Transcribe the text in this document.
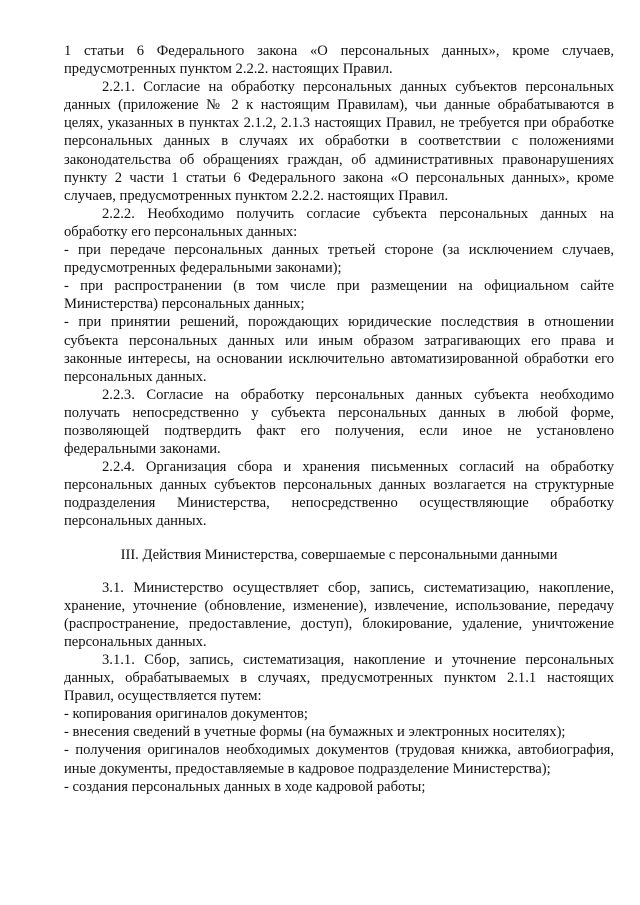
1 статьи 6 Федерального закона «О персональных данных», кроме случаев, предусмотренных пунктом 2.2.2. настоящих Правил.

2.2.1. Согласие на обработку персональных данных субъектов персональных данных (приложение № 2 к настоящим Правилам), чьи данные обрабатываются в целях, указанных в пунктах 2.1.2, 2.1.3 настоящих Правил, не требуется при обработке персональных данных в случаях их обработки в соответствии с положениями законодательства об обращениях граждан, об административных правонарушениях пункту 2 части 1 статьи 6 Федерального закона «О персональных данных», кроме случаев, предусмотренных пунктом 2.2.2. настоящих Правил.

2.2.2. Необходимо получить согласие субъекта персональных данных на обработку его персональных данных:

- при передаче персональных данных третьей стороне (за исключением случаев, предусмотренных федеральными законами);

- при распространении (в том числе при размещении на официальном сайте Министерства) персональных данных;

- при принятии решений, порождающих юридические последствия в отношении субъекта персональных данных или иным образом затрагивающих его права и законные интересы, на основании исключительно автоматизированной обработки его персональных данных.

2.2.3. Согласие на обработку персональных данных субъекта необходимо получать непосредственно у субъекта персональных данных в любой форме, позволяющей подтвердить факт его получения, если иное не установлено федеральными законами.

2.2.4. Организация сбора и хранения письменных согласий на обработку персональных данных субъектов персональных данных возлагается на структурные подразделения Министерства, непосредственно осуществляющие обработку персональных данных.

III. Действия Министерства, совершаемые с персональными данными

3.1. Министерство осуществляет сбор, запись, систематизацию, накопление, хранение, уточнение (обновление, изменение), извлечение, использование, передачу (распространение, предоставление, доступ), блокирование, удаление, уничтожение персональных данных.

3.1.1. Сбор, запись, систематизация, накопление и уточнение персональных данных, обрабатываемых в случаях, предусмотренных пунктом 2.1.1 настоящих Правил, осуществляется путем:

- копирования оригиналов документов;

- внесения сведений в учетные формы (на бумажных и электронных носителях);

- получения оригиналов необходимых документов (трудовая книжка, автобиография, иные документы, предоставляемые в кадровое подразделение Министерства);

- создания персональных данных в ходе кадровой работы;
